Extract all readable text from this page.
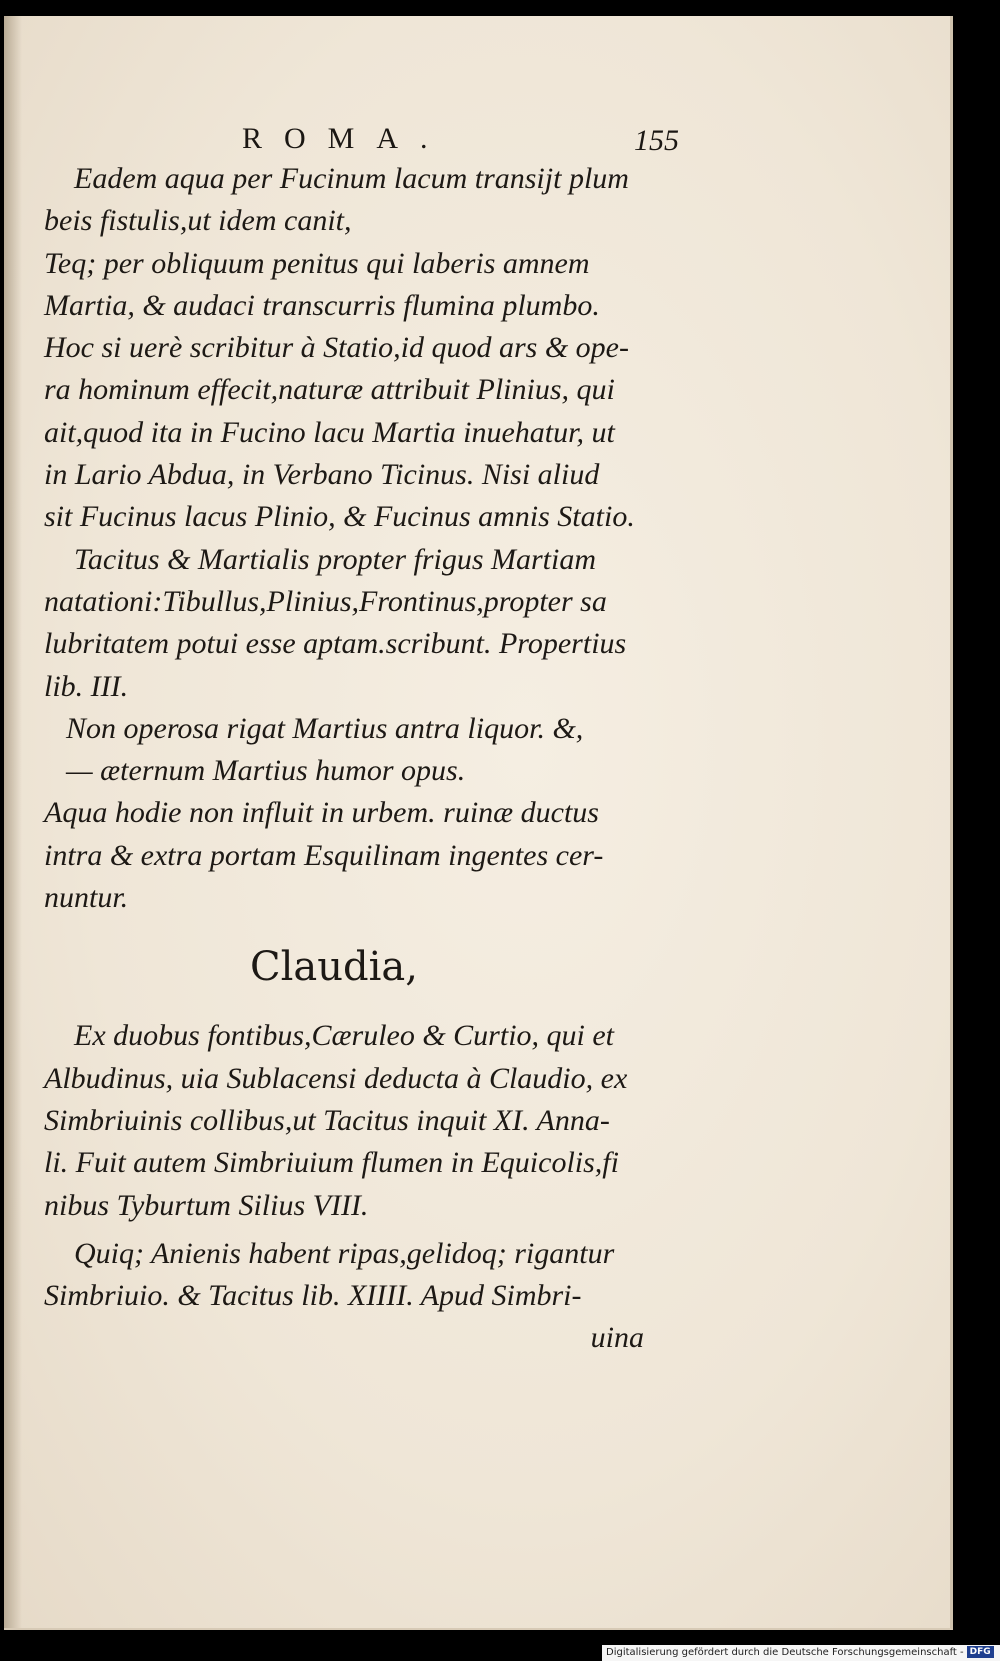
ROMA.	155
Eadem aqua per Fucinum lacum transijt plum
beis fistulis,ut idem canit,
Teq; per obliquum penitus qui laberis amnem
Martia, & audaci transcurris flumina plumbo.
Hoc si uerè scribitur à Statio,id quod ars & ope-
ra hominum effecit,naturæ attribuit Plinius, qui
ait,quod ita in Fucino lacu Martia inuehatur, ut
in Lario Abdua, in Verbano Ticinus. Nisi aliud
sit Fucinus lacus Plinio, & Fucinus amnis Statio.
Tacitus & Martialis propter frigus Martiam
natationi:Tibullus,Plinius,Frontinus,propter sa
lubritatem potui esse aptam.scribunt. Propertius
lib. III.
Non operosa rigat Martius antra liquor. &,
— æternum Martius humor opus.
Aqua hodie non influit in urbem. ruinæ ductus
intra & extra portam Esquilinam ingentes cer-
nuntur.
Claudia,
Ex duobus fontibus,Cæruleo & Curtio, qui et
Albudinus, uia Sublacensi deducta à Claudio, ex
Simbriuinis collibus,ut Tacitus inquit XI. Anna-
li. Fuit autem Simbriuium flumen in Equicolis,fi
nibus Tyburtum Silius VIII.
Quiq; Anienis habent ripas,gelidoq; rigantur
Simbriuio. & Tacitus lib. XIIII. Apud Simbri-
uina
Digitalisierung gefördert durch die Deutsche Forschungsgemeinschaft - DFG
